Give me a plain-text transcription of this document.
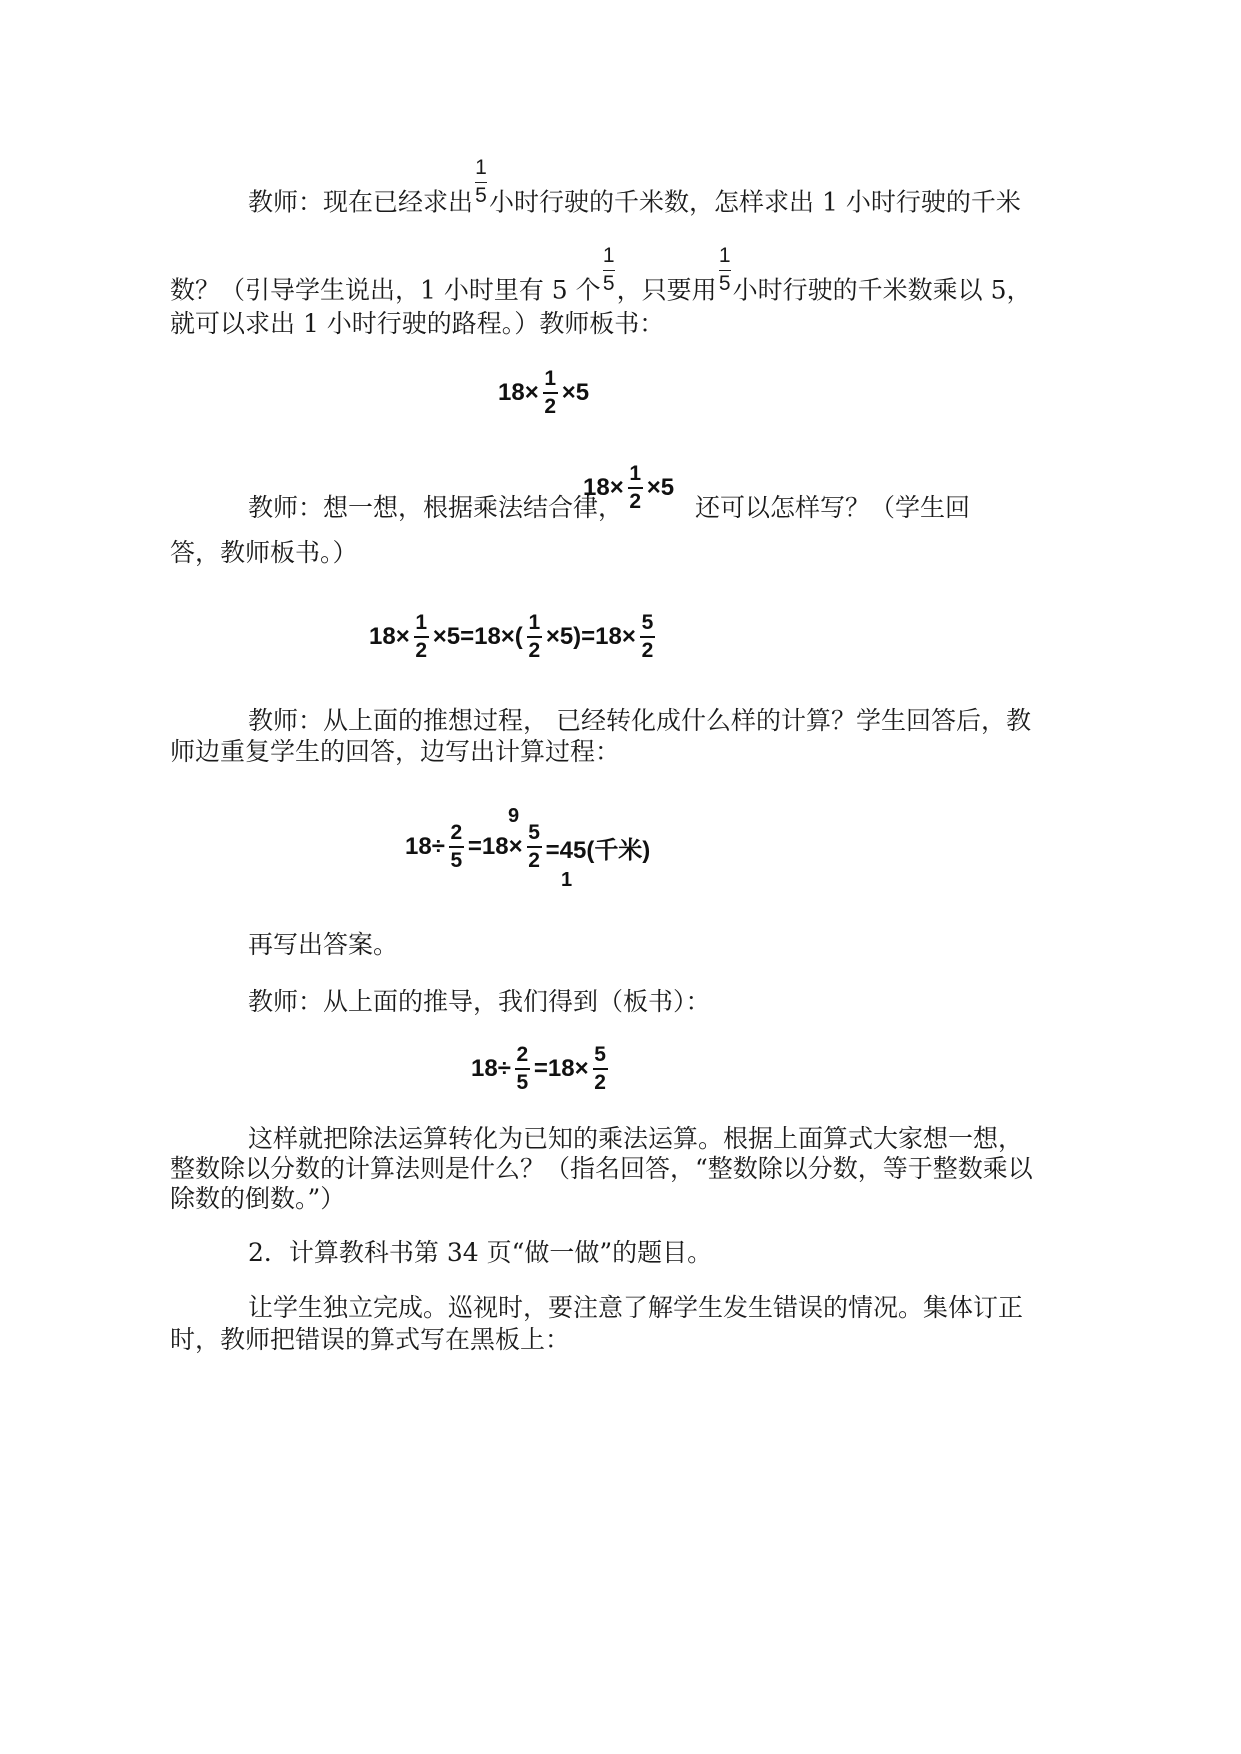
教师：现在已经求出 $\frac{1}{5}$ 小时行驶的千米数，怎样求出 1 小时行驶的千米
数？（引导学生说出，1 小时里有 5 个 $\frac{1}{5}$ ，只要用 $\frac{1}{5}$ 小时行驶的千米数乘以 5，
就可以求出 1 小时行驶的路程。）教师板书：
18×
1
2
×5
教师：想一想，根据乘法结合律，
18×
1
2
×5
还可以怎样写？（学生回
答，教师板书。）
18×
1
2
×5=18×(
1
2
×5)=18×
5
2
教师：从上面的推想过程， 已经转化成什么样的计算？学生回答后，教
师边重复学生的回答，边写出计算过程：
9
18÷
2
5
=18×
5
2 =45(千米)
1
再写出答案。
教师：从上面的推导，我们得到（板书）：
18÷
2
5
=18×
5
2
这样就把除法运算转化为已知的乘法运算。根据上面算式大家想一想，
整数除以分数的计算法则是什么？（指名回答，“整数除以分数，等于整数乘以
除数的倒数。”）
2．计算教科书第 34 页“做一做”的题目。
让学生独立完成。巡视时，要注意了解学生发生错误的情况。集体订正
时，教师把错误的算式写在黑板上：
